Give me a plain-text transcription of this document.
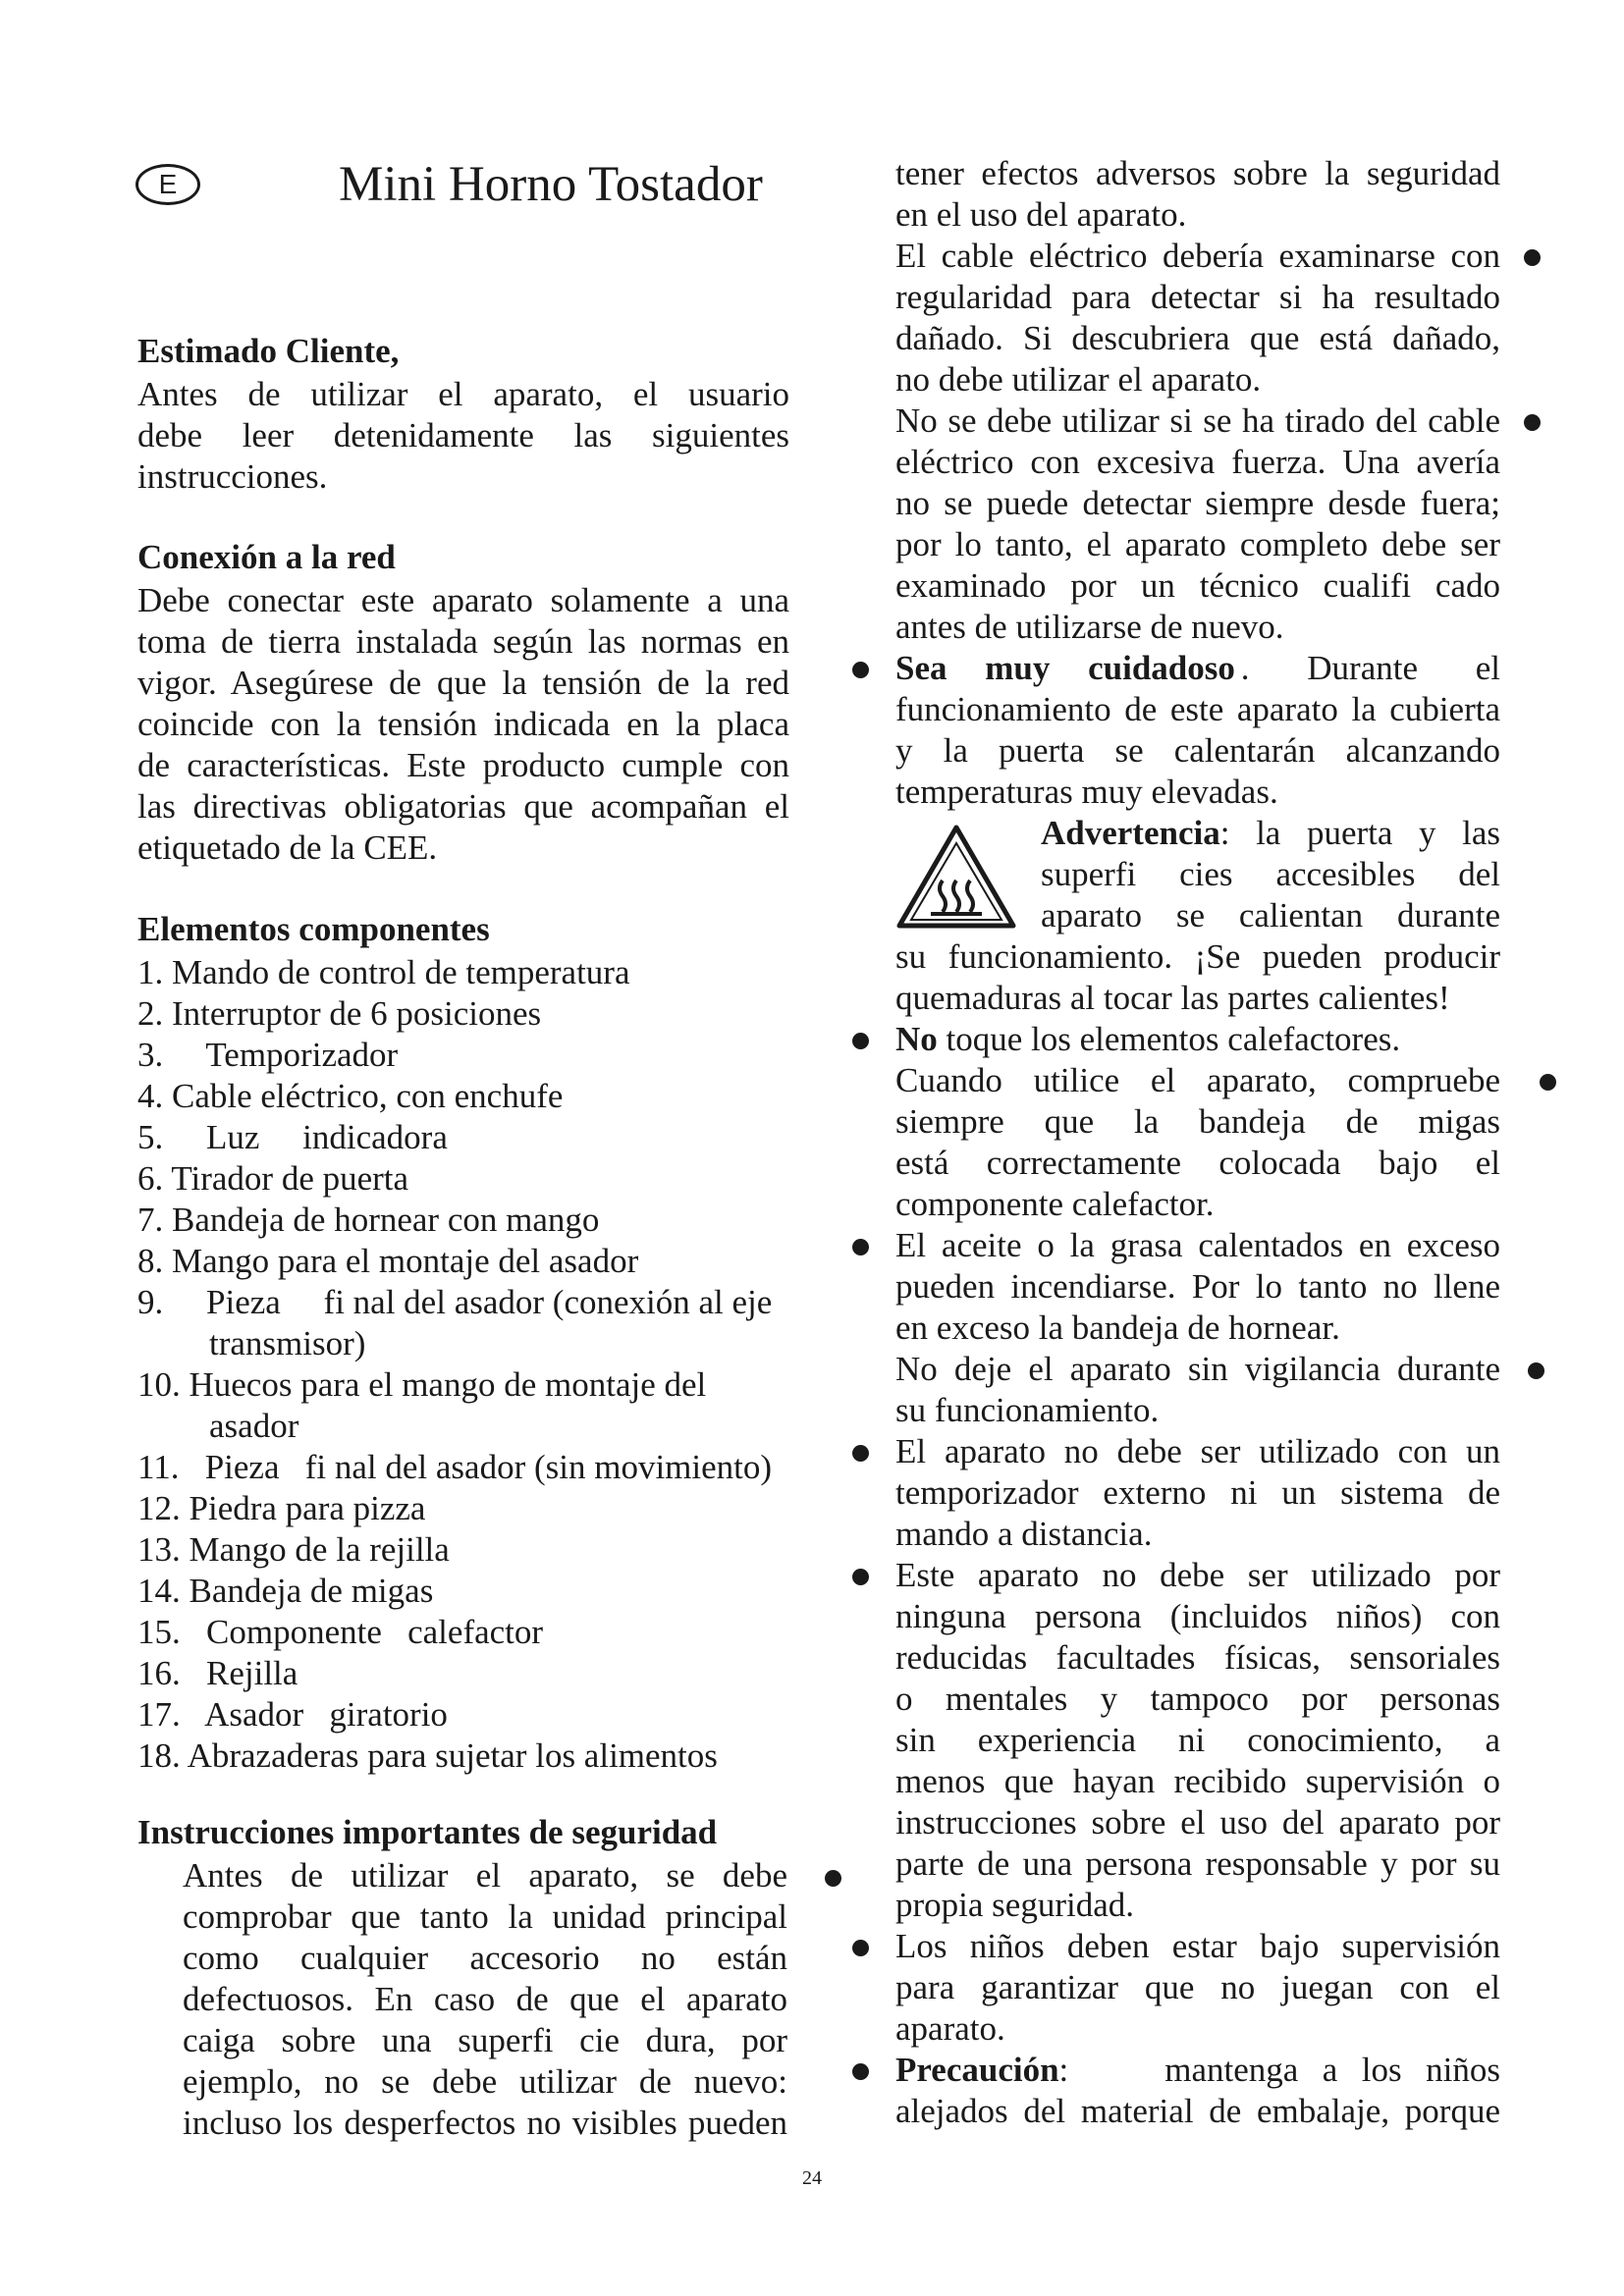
E	Mini Horno Tostador
Estimado Cliente,
Antes de utilizar el aparato, el usuario
debe leer detenidamente las siguientes
instrucciones.
Conexión a la red
Debe conectar este aparato solamente a una
toma de tierra instalada según las normas en
vigor. Asegúrese de que la tensión de la red
coincide con la tensión indicada en la placa
de características. Este producto cumple con
las directivas obligatorias que acompañan el
etiquetado de la CEE.
Elementos componentes
1. Mando de control de temperatura
2. Interruptor de 6 posiciones
3.     Temporizador
4. Cable eléctrico, con enchufe
5.     Luz     indicadora
6. Tirador de puerta
7. Bandeja de hornear con mango
8. Mango para el montaje del asador
9.     Pieza     fi nal del asador (conexión al eje
transmisor)
10. Huecos para el mango de montaje del
asador
11.   Pieza   fi nal del asador (sin movimiento)
12. Piedra para pizza
13. Mango de la rejilla
14. Bandeja de migas
15.   Componente   calefactor
16.   Rejilla
17.   Asador   giratorio
18. Abrazaderas para sujetar los alimentos
Instrucciones importantes de seguridad
Antes de utilizar el aparato, se debe
comprobar que tanto la unidad principal
como cualquier accesorio no están
defectuosos. En caso de que el aparato
caiga sobre una superfi cie dura, por
ejemplo, no se debe utilizar de nuevo:
incluso los desperfectos no visibles pueden
tener efectos adversos sobre la seguridad
en el uso del aparato.
El cable eléctrico debería examinarse con
regularidad para detectar si ha resultado
dañado. Si descubriera que está dañado,
no debe utilizar el aparato.
No se debe utilizar si se ha tirado del cable
eléctrico con excesiva fuerza. Una avería
no se puede detectar siempre desde fuera;
por lo tanto, el aparato completo debe ser
examinado por un técnico cualifi cado
antes de utilizarse de nuevo.
Sea muy cuidadoso . Durante el
funcionamiento de este aparato la cubierta
y la puerta se calentarán alcanzando
temperaturas muy elevadas.
Advertencia : la puerta y las
superfi cies accesibles del
aparato se calientan durante
su funcionamiento. ¡Se pueden producir
quemaduras al tocar las partes calientes!
No toque los elementos calefactores.
Cuando utilice el aparato, compruebe
siempre que la bandeja de migas
está correctamente colocada bajo el
componente calefactor.
El aceite o la grasa calentados en exceso
pueden incendiarse. Por lo tanto no llene
en exceso la bandeja de hornear.
No deje el aparato sin vigilancia durante
su funcionamiento.
El aparato no debe ser utilizado con un
temporizador externo ni un sistema de
mando a distancia.
Este aparato no debe ser utilizado por
ninguna persona (incluidos niños) con
reducidas facultades físicas, sensoriales
o mentales y tampoco por personas
sin experiencia ni conocimiento, a
menos que hayan recibido supervisión o
instrucciones sobre el uso del aparato por
parte de una persona responsable y por su
propia seguridad.
Los niños deben estar bajo supervisión
para garantizar que no juegan con el
aparato.
Precaución :    mantenga a los niños
alejados del material de embalaje, porque
24
